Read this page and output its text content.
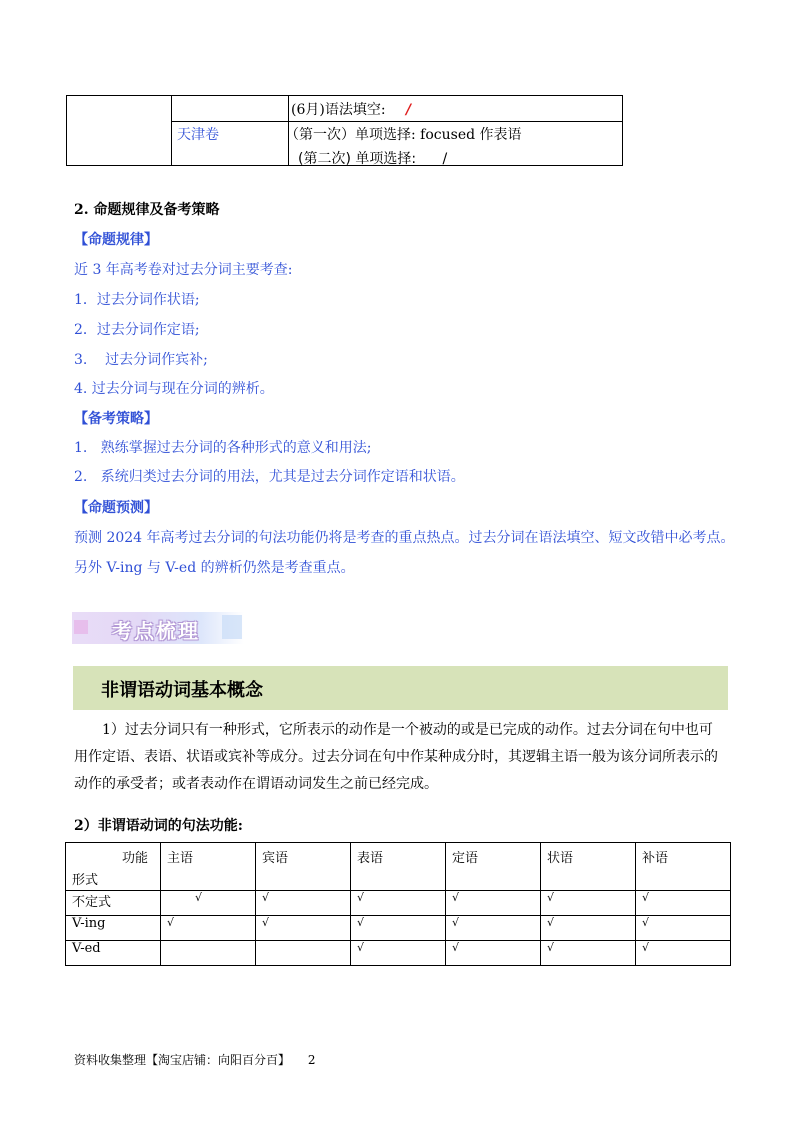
(6月)语法填空: /
天津卷	（第一次）单项选择: focused 作表语
(第二次) 单项选择: /
2. 命题规律及备考策略
【命题规律】
近 3 年高考卷对过去分词主要考查:
1．过去分词作状语;
2．过去分词作定语;
3.    过去分词作宾补;
4. 过去分词与现在分词的辨析。
【备考策略】
1.   熟练掌握过去分词的各种形式的意义和用法;
2.   系统归类过去分词的用法，尤其是过去分词作定语和状语。
【命题预测】
预测 2024 年高考过去分词的句法功能仍将是考查的重点热点。过去分词在语法填空、短文改错中必考点。
另外 V-ing 与 V-ed 的辨析仍然是考查重点。
考点梳理
非谓语动词基本概念
1）过去分词只有一种形式，它所表示的动作是一个被动的或是已完成的动作。过去分词在句中也可
用作定语、表语、状语或宾补等成分。过去分词在句中作某种成分时，其逻辑主语一般为该分词所表示的
动作的承受者；或者表动作在谓语动词发生之前已经完成。
2）非谓语动词的句法功能:
功能
形式	主语	宾语	表语	定语	状语	补语
不定式	√	√	√	√	√	√
V-ing	√	√	√	√	√	√
V-ed			√	√	√	√
资料收集整理【淘宝店铺：向阳百分百】 2
